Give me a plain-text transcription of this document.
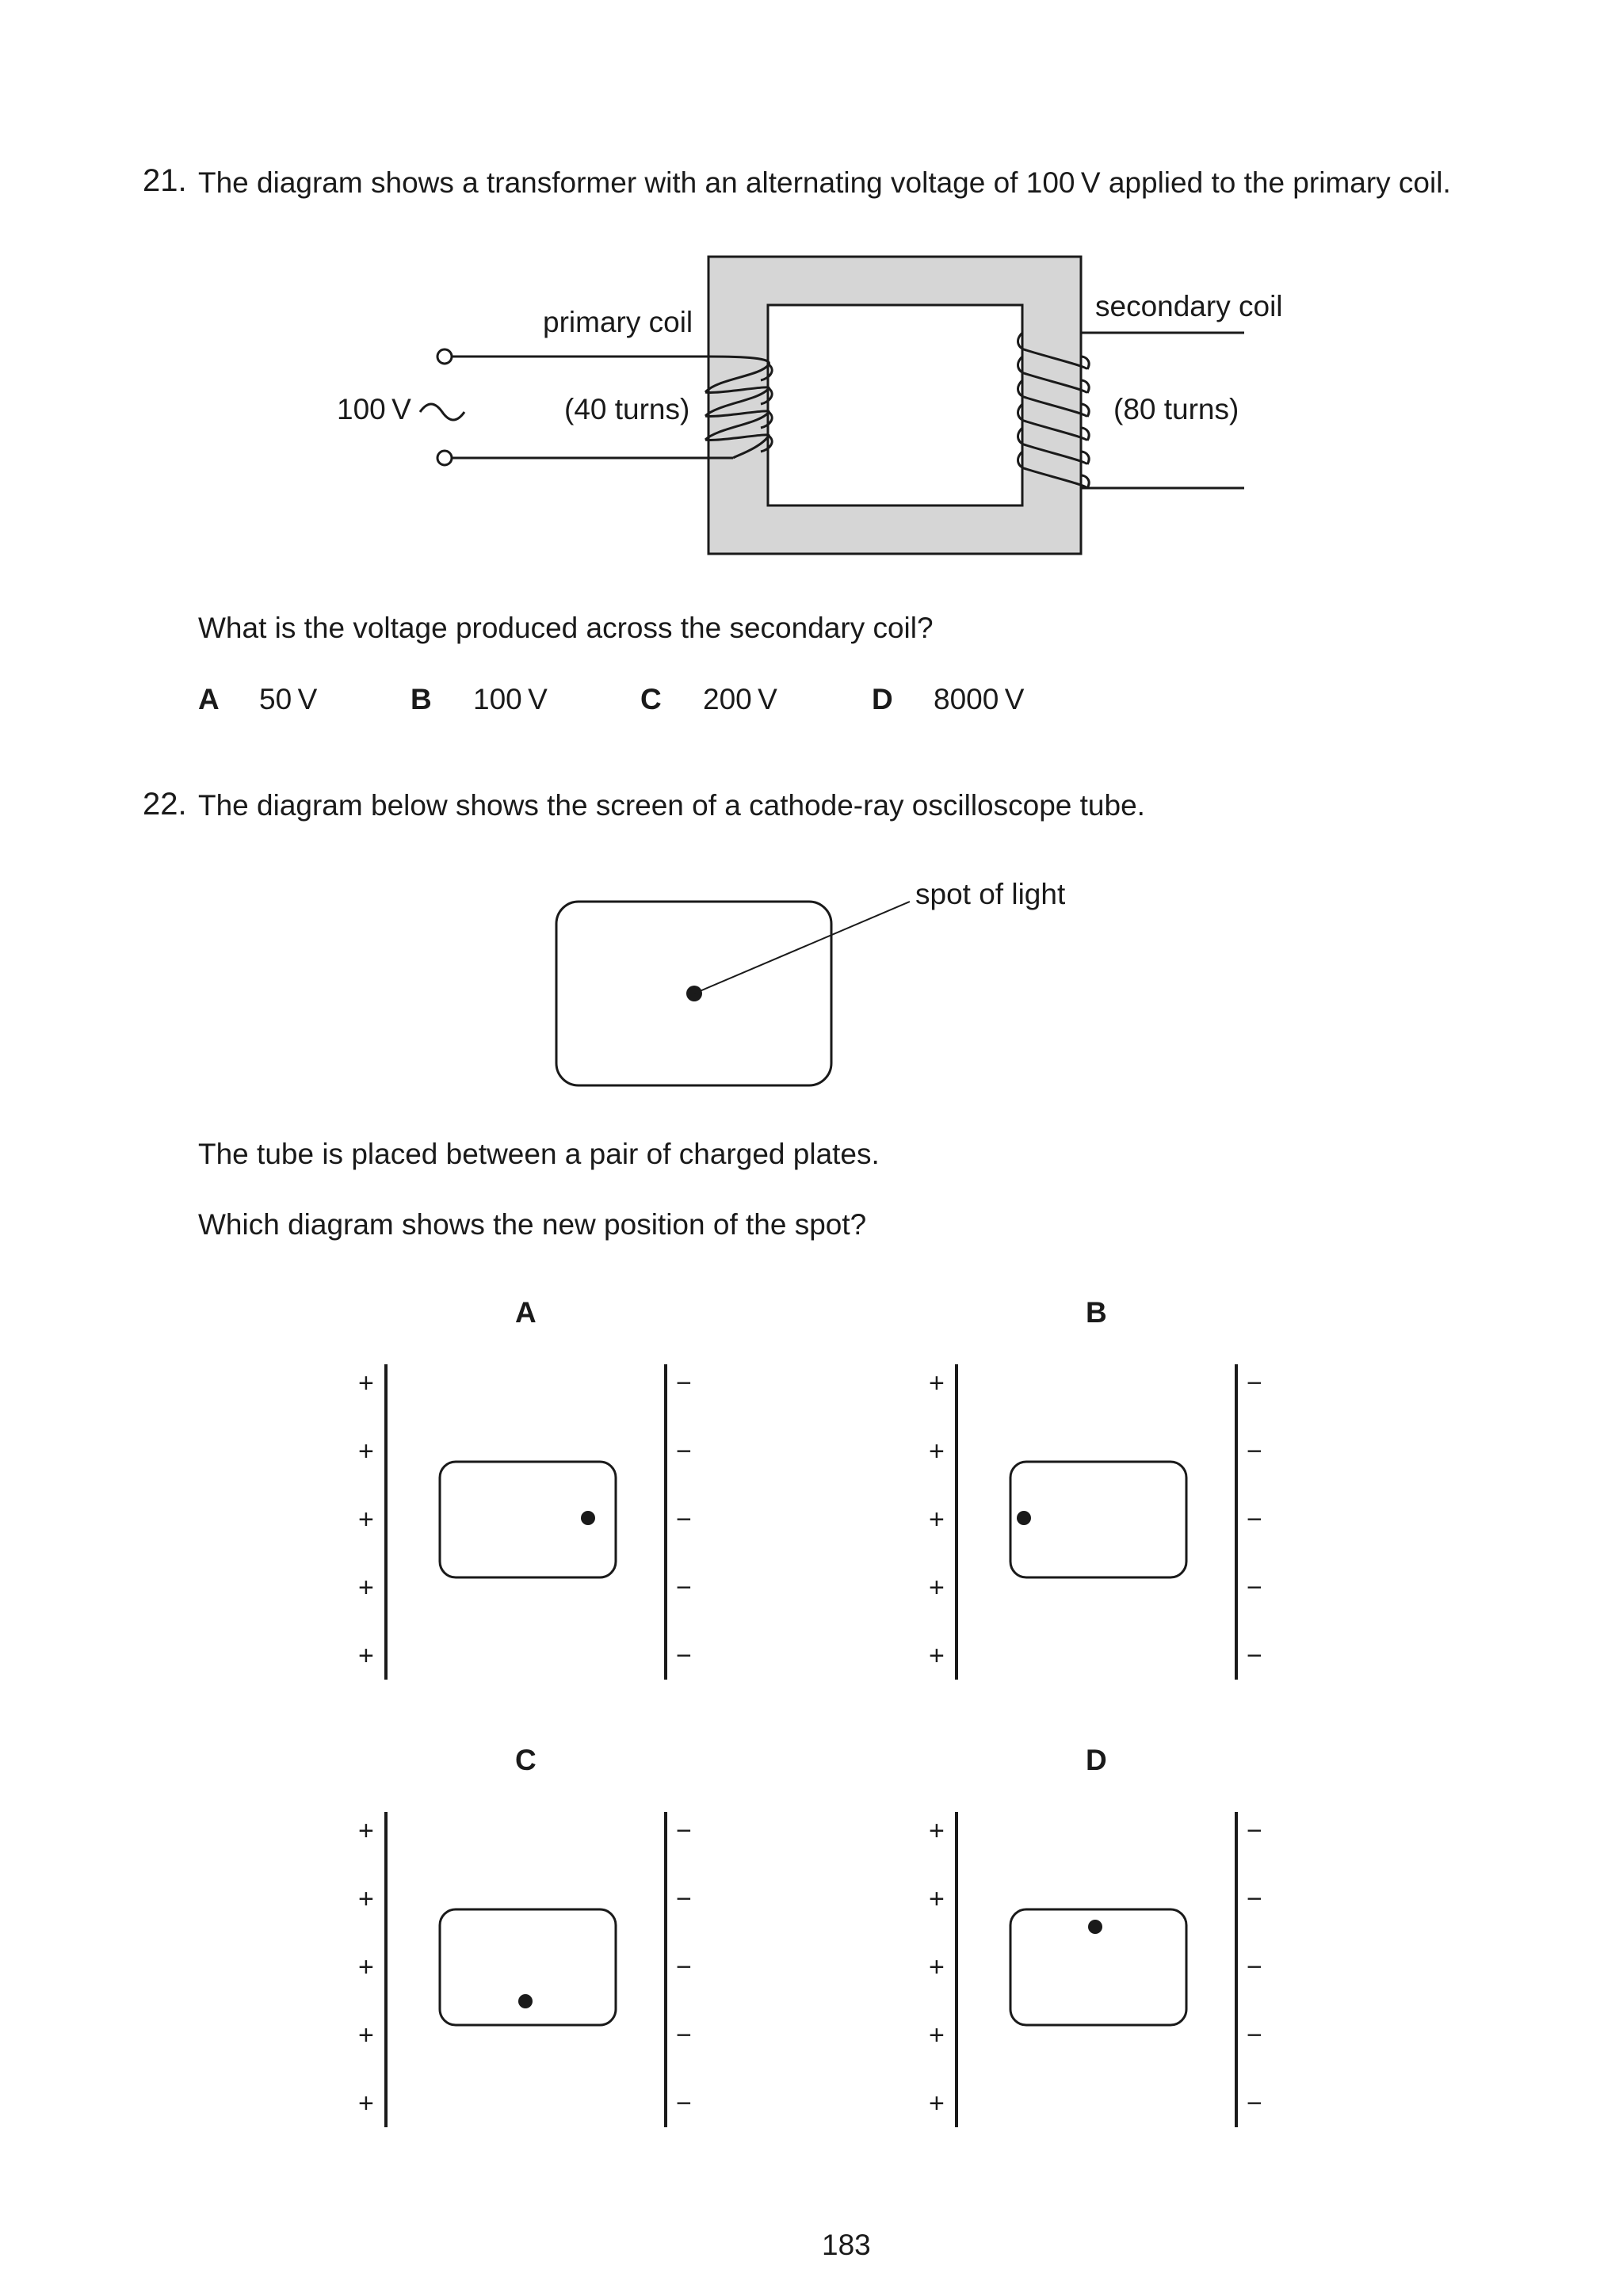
21. The diagram shows a transformer with an alternating voltage of 100 V applied to the primary coil.
100 V
primary coil
(40 turns)
secondary coil
(80 turns)
What is the voltage produced across the secondary coil?
A 50 V	B 100 V	C 200 V	D 8000 V
22. The diagram below shows the screen of a cathode-ray oscilloscope tube.
spot of light
The tube is placed between a pair of charged plates.
Which diagram shows the new position of the spot?
A
+	−
+	−
+	−
+	−
+	−
B
+	−
+	−
+	−
+	−
+	−
C
+	−
+	−
+	−
+	−
+	−
D
+	−
+	−
+	−
+	−
+	−
183
